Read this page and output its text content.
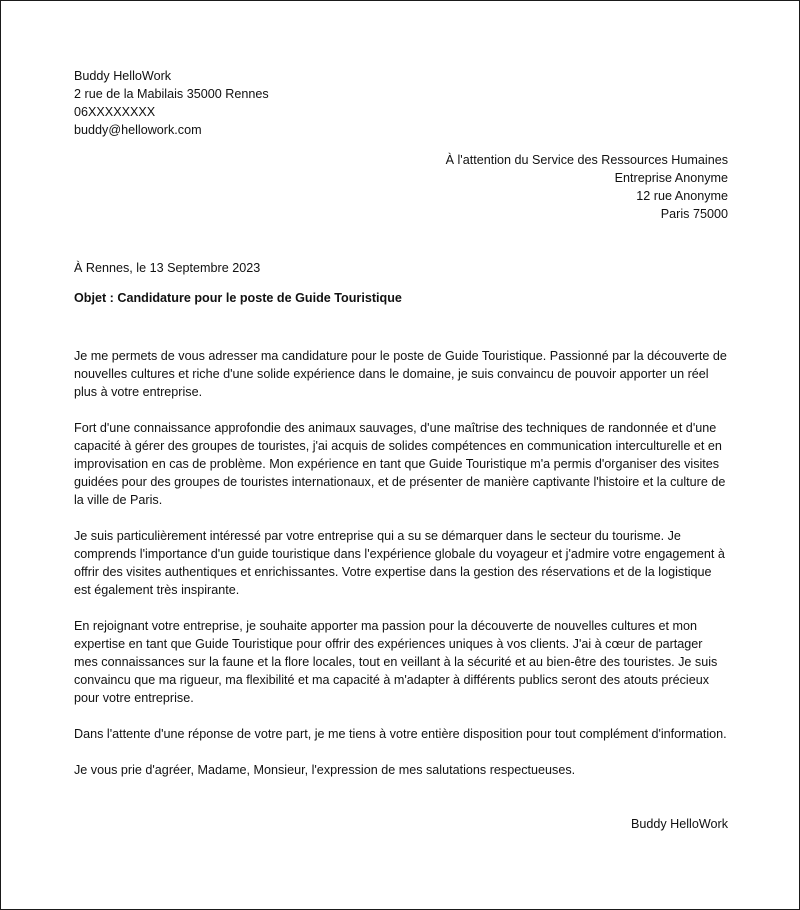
Buddy HelloWork

2 rue de la Mabilais 35000 Rennes

06XXXXXXXX

buddy@hellowork.com

À l'attention du Service des Ressources Humaines

Entreprise Anonyme

12 rue Anonyme

Paris 75000

À Rennes, le 13 Septembre 2023

Objet : Candidature pour le poste de Guide Touristique

Je me permets de vous adresser ma candidature pour le poste de Guide Touristique. Passionné par la découverte de nouvelles cultures et riche d'une solide expérience dans le domaine, je suis convaincu de pouvoir apporter un réel plus à votre entreprise.

Fort d'une connaissance approfondie des animaux sauvages, d'une maîtrise des techniques de randonnée et d'une capacité à gérer des groupes de touristes, j'ai acquis de solides compétences en communication interculturelle et en improvisation en cas de problème. Mon expérience en tant que Guide Touristique m'a permis d'organiser des visites guidées pour des groupes de touristes internationaux, et de présenter de manière captivante l'histoire et la culture de la ville de Paris.

Je suis particulièrement intéressé par votre entreprise qui a su se démarquer dans le secteur du tourisme. Je comprends l'importance d'un guide touristique dans l'expérience globale du voyageur et j'admire votre engagement à offrir des visites authentiques et enrichissantes. Votre expertise dans la gestion des réservations et de la logistique est également très inspirante.

En rejoignant votre entreprise, je souhaite apporter ma passion pour la découverte de nouvelles cultures et mon expertise en tant que Guide Touristique pour offrir des expériences uniques à vos clients. J'ai à cœur de partager mes connaissances sur la faune et la flore locales, tout en veillant à la sécurité et au bien-être des touristes. Je suis convaincu que ma rigueur, ma flexibilité et ma capacité à m'adapter à différents publics seront des atouts précieux pour votre entreprise.

Dans l'attente d'une réponse de votre part, je me tiens à votre entière disposition pour tout complément d'information.

Je vous prie d'agréer, Madame, Monsieur, l'expression de mes salutations respectueuses.

Buddy HelloWork
